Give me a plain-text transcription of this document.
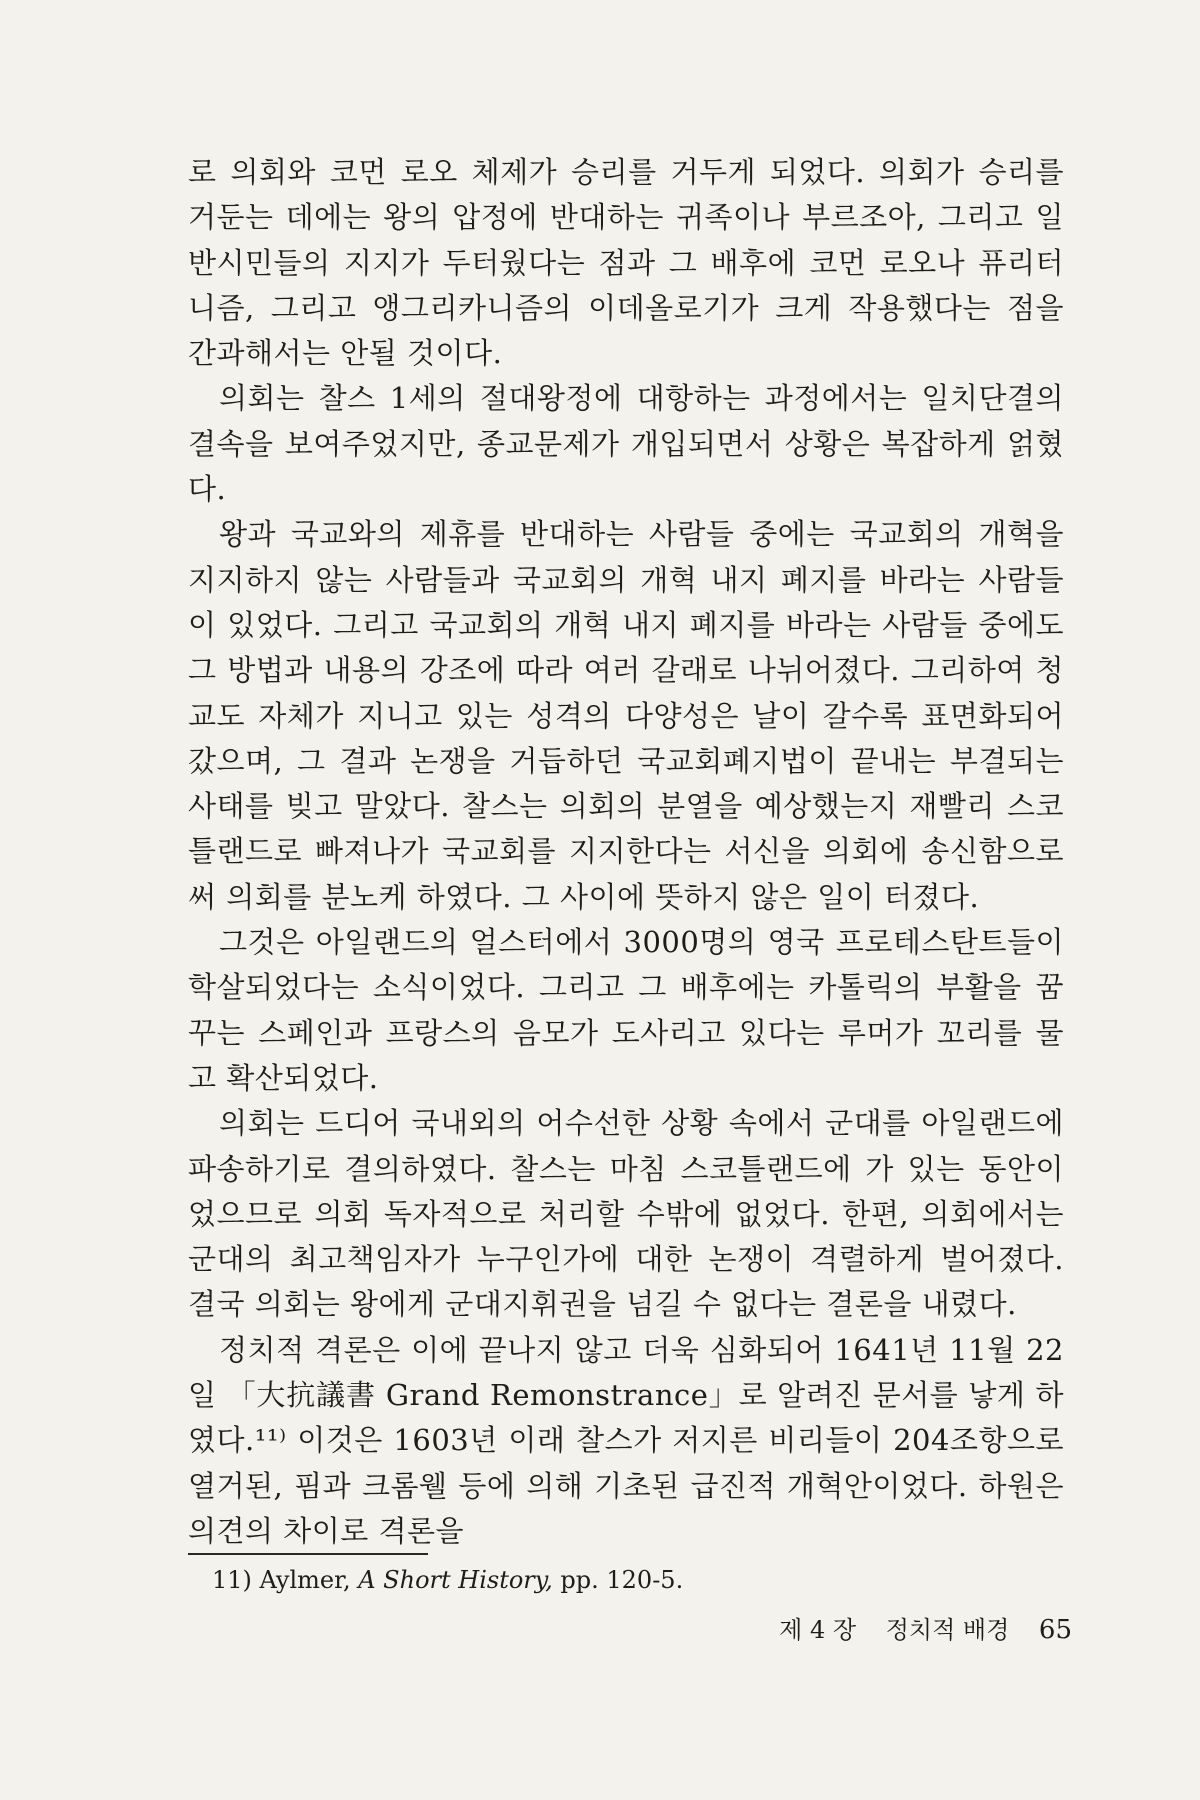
로 의회와 코먼 로오 체제가 승리를 거두게 되었다. 의회가 승리를 거둔는 데에는 왕의 압정에 반대하는 귀족이나 부르조아, 그리고 일반시민들의 지지가 두터웠다는 점과 그 배후에 코먼 로오나 퓨리터니즘, 그리고 앵그리카니즘의 이데올로기가 크게 작용했다는 점을 간과해서는 안될 것이다.

의회는 찰스 1세의 절대왕정에 대항하는 과정에서는 일치단결의 결속을 보여주었지만, 종교문제가 개입되면서 상황은 복잡하게 얽혔다.

왕과 국교와의 제휴를 반대하는 사람들 중에는 국교회의 개혁을 지지하지 않는 사람들과 국교회의 개혁 내지 폐지를 바라는 사람들이 있었다. 그리고 국교회의 개혁 내지 폐지를 바라는 사람들 중에도 그 방법과 내용의 강조에 따라 여러 갈래로 나뉘어졌다. 그리하여 청교도 자체가 지니고 있는 성격의 다양성은 날이 갈수록 표면화되어 갔으며, 그 결과 논쟁을 거듭하던 국교회폐지법이 끝내는 부결되는 사태를 빚고 말았다. 찰스는 의회의 분열을 예상했는지 재빨리 스코틀랜드로 빠져나가 국교회를 지지한다는 서신을 의회에 송신함으로써 의회를 분노케 하였다. 그 사이에 뜻하지 않은 일이 터졌다.

그것은 아일랜드의 얼스터에서 3000명의 영국 프로테스탄트들이 학살되었다는 소식이었다. 그리고 그 배후에는 카톨릭의 부활을 꿈꾸는 스페인과 프랑스의 음모가 도사리고 있다는 루머가 꼬리를 물고 확산되었다.

의회는 드디어 국내외의 어수선한 상황 속에서 군대를 아일랜드에 파송하기로 결의하였다. 찰스는 마침 스코틀랜드에 가 있는 동안이었으므로 의회 독자적으로 처리할 수밖에 없었다. 한편, 의회에서는 군대의 최고책임자가 누구인가에 대한 논쟁이 격렬하게 벌어졌다. 결국 의회는 왕에게 군대지휘권을 넘길 수 없다는 결론을 내렸다.

정치적 격론은 이에 끝나지 않고 더욱 심화되어 1641년 11월 22일 「大抗議書 Grand Remonstrance」로 알려진 문서를 낳게 하였다.¹¹⁾ 이것은 1603년 이래 찰스가 저지른 비리들이 204조항으로 열거된, 핌과 크롬웰 등에 의해 기초된 급진적 개혁안이었다. 하원은 의견의 차이로 격론을

11) Aylmer, A Short History, pp. 120-5.
제 4 장 정치적 배경 65
